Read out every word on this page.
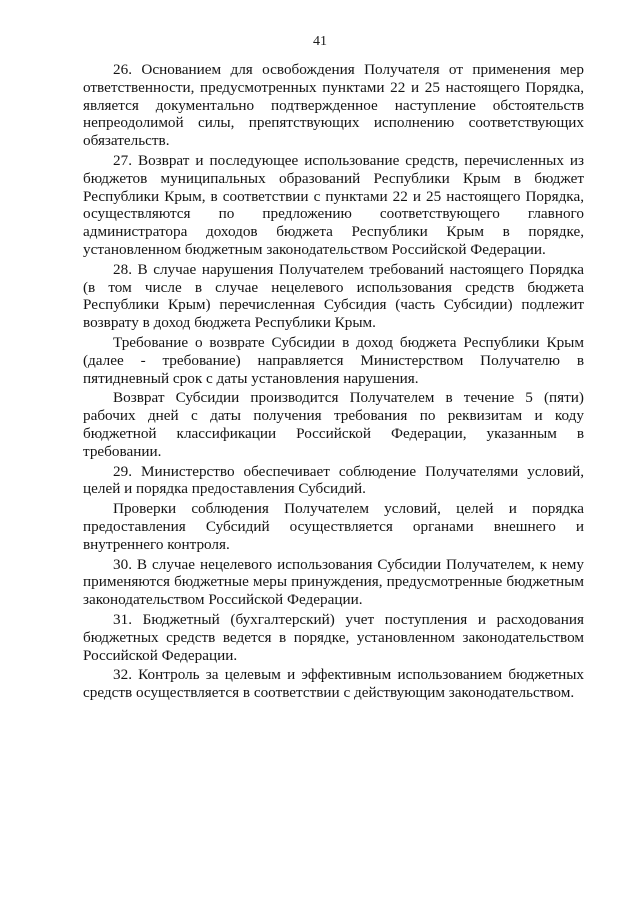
41

26. Основанием для освобождения Получателя от применения мер ответственности, предусмотренных пунктами 22 и 25 настоящего Порядка, является документально подтвержденное наступление обстоятельств непреодолимой силы, препятствующих исполнению соответствующих обязательств.

27. Возврат и последующее использование средств, перечисленных из бюджетов муниципальных образований Республики Крым в бюджет Республики Крым, в соответствии с пунктами 22 и 25 настоящего Порядка, осуществляются по предложению соответствующего главного администратора доходов бюджета Республики Крым в порядке, установленном бюджетным законодательством Российской Федерации.

28. В случае нарушения Получателем требований настоящего Порядка (в том числе в случае нецелевого использования средств бюджета Республики Крым) перечисленная Субсидия (часть Субсидии) подлежит возврату в доход бюджета Республики Крым.

Требование о возврате Субсидии в доход бюджета Республики Крым (далее - требование) направляется Министерством Получателю в пятидневный срок с даты установления нарушения.

Возврат Субсидии производится Получателем в течение 5 (пяти) рабочих дней с даты получения требования по реквизитам и коду бюджетной классификации Российской Федерации, указанным в требовании.

29. Министерство обеспечивает соблюдение Получателями условий, целей и порядка предоставления Субсидий.

Проверки соблюдения Получателем условий, целей и порядка предоставления Субсидий осуществляется органами внешнего и внутреннего контроля.

30. В случае нецелевого использования Субсидии Получателем, к нему применяются бюджетные меры принуждения, предусмотренные бюджетным законодательством Российской Федерации.

31. Бюджетный (бухгалтерский) учет поступления и расходования бюджетных средств ведется в порядке, установленном законодательством Российской Федерации.

32. Контроль за целевым и эффективным использованием бюджетных средств осуществляется в соответствии с действующим законодательством.
